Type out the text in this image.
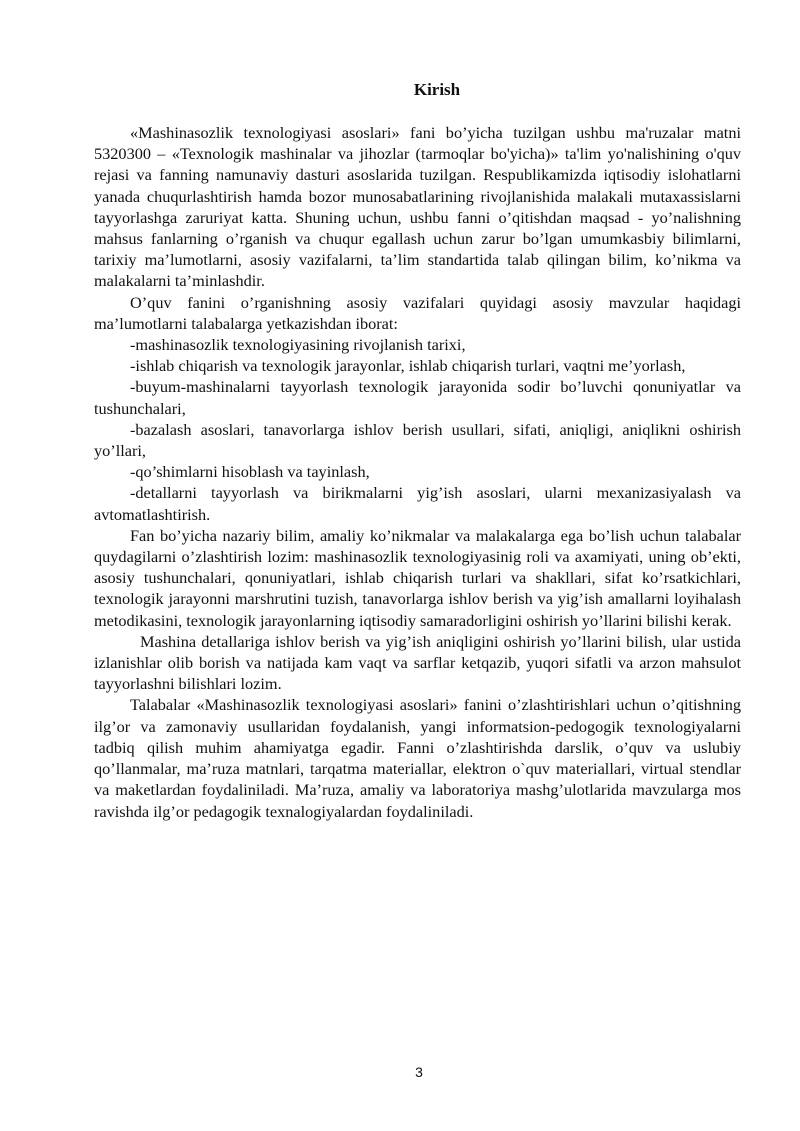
Kirish

«Mashinasozlik texnologiyasi asoslari» fani bo’yicha tuzilgan ushbu ma'ruzalar matni 5320300 – «Texnologik mashinalar va jihozlar (tarmoqlar bo'yicha)» ta'lim yo'nalishining o'quv rejasi va fanning namunaviy dasturi asoslarida tuzilgan. Respublikamizda iqtisodiy islohatlarni yanada chuqurlashtirish hamda bozor munosabatlarining rivojlanishida malakali mutaxassislarni tayyorlashga zaruriyat katta. Shuning uchun, ushbu fanni o’qitishdan maqsad - yo’nalishning mahsus fanlarning o’rganish va chuqur egallash uchun zarur bo’lgan umumkasbiy bilimlarni, tarixiy ma’lumotlarni, asosiy vazifalarni, ta’lim standartida talab qilingan bilim, ko’nikma va malakalarni ta’minlashdir.

O’quv fanini o’rganishning asosiy vazifalari quyidagi asosiy mavzular haqidagi ma’lumotlarni talabalarga yetkazishdan iborat:

-mashinasozlik texnologiyasining rivojlanish tarixi,

-ishlab chiqarish va texnologik jarayonlar, ishlab chiqarish turlari, vaqtni me’yorlash,

-buyum-mashinalarni tayyorlash texnologik jarayonida sodir bo’luvchi qonuniyatlar va tushunchalari,

-bazalash asoslari, tanavorlarga ishlov berish usullari, sifati, aniqligi, aniqlikni oshirish yo’llari,

-qo’shimlarni hisoblash va tayinlash,

-detallarni tayyorlash va birikmalarni yig’ish asoslari, ularni mexanizasiyalash va avtomatlashtirish.

Fan bo’yicha nazariy bilim, amaliy ko’nikmalar va malakalarga ega bo’lish uchun talabalar quydagilarni o’zlashtirish lozim: mashinasozlik texnologiyasinig roli va axamiyati, uning ob’ekti, asosiy tushunchalari, qonuniyatlari, ishlab chiqarish turlari va shakllari, sifat ko’rsatkichlari, texnologik jarayonni marshrutini tuzish, tanavorlarga ishlov berish va yig’ish amallarni loyihalash metodikasini, texnologik jarayonlarning iqtisodiy samaradorligini oshirish yo’llarini bilishi kerak.

Mashina detallariga ishlov berish va yig’ish aniqligini oshirish yo’llarini bilish, ular ustida izlanishlar olib borish va natijada kam vaqt va sarflar ketqazib, yuqori sifatli va arzon mahsulot tayyorlashni bilishlari lozim.

Talabalar «Mashinasozlik texnologiyasi asoslari» fanini o’zlashtirishlari uchun o’qitishning ilg’or va zamonaviy usullaridan foydalanish, yangi informatsion-pedogogik texnologiyalarni tadbiq qilish muhim ahamiyatga egadir. Fanni o’zlashtirishda darslik, o’quv va uslubiy qo’llanmalar, ma’ruza matnlari, tarqatma materiallar, elektron o`quv materiallari, virtual stendlar va maketlardan foydaliniladi. Ma’ruza, amaliy va laboratoriya mashg’ulotlarida mavzularga mos ravishda ilg’or pedagogik texnalogiyalardan foydaliniladi.

3
